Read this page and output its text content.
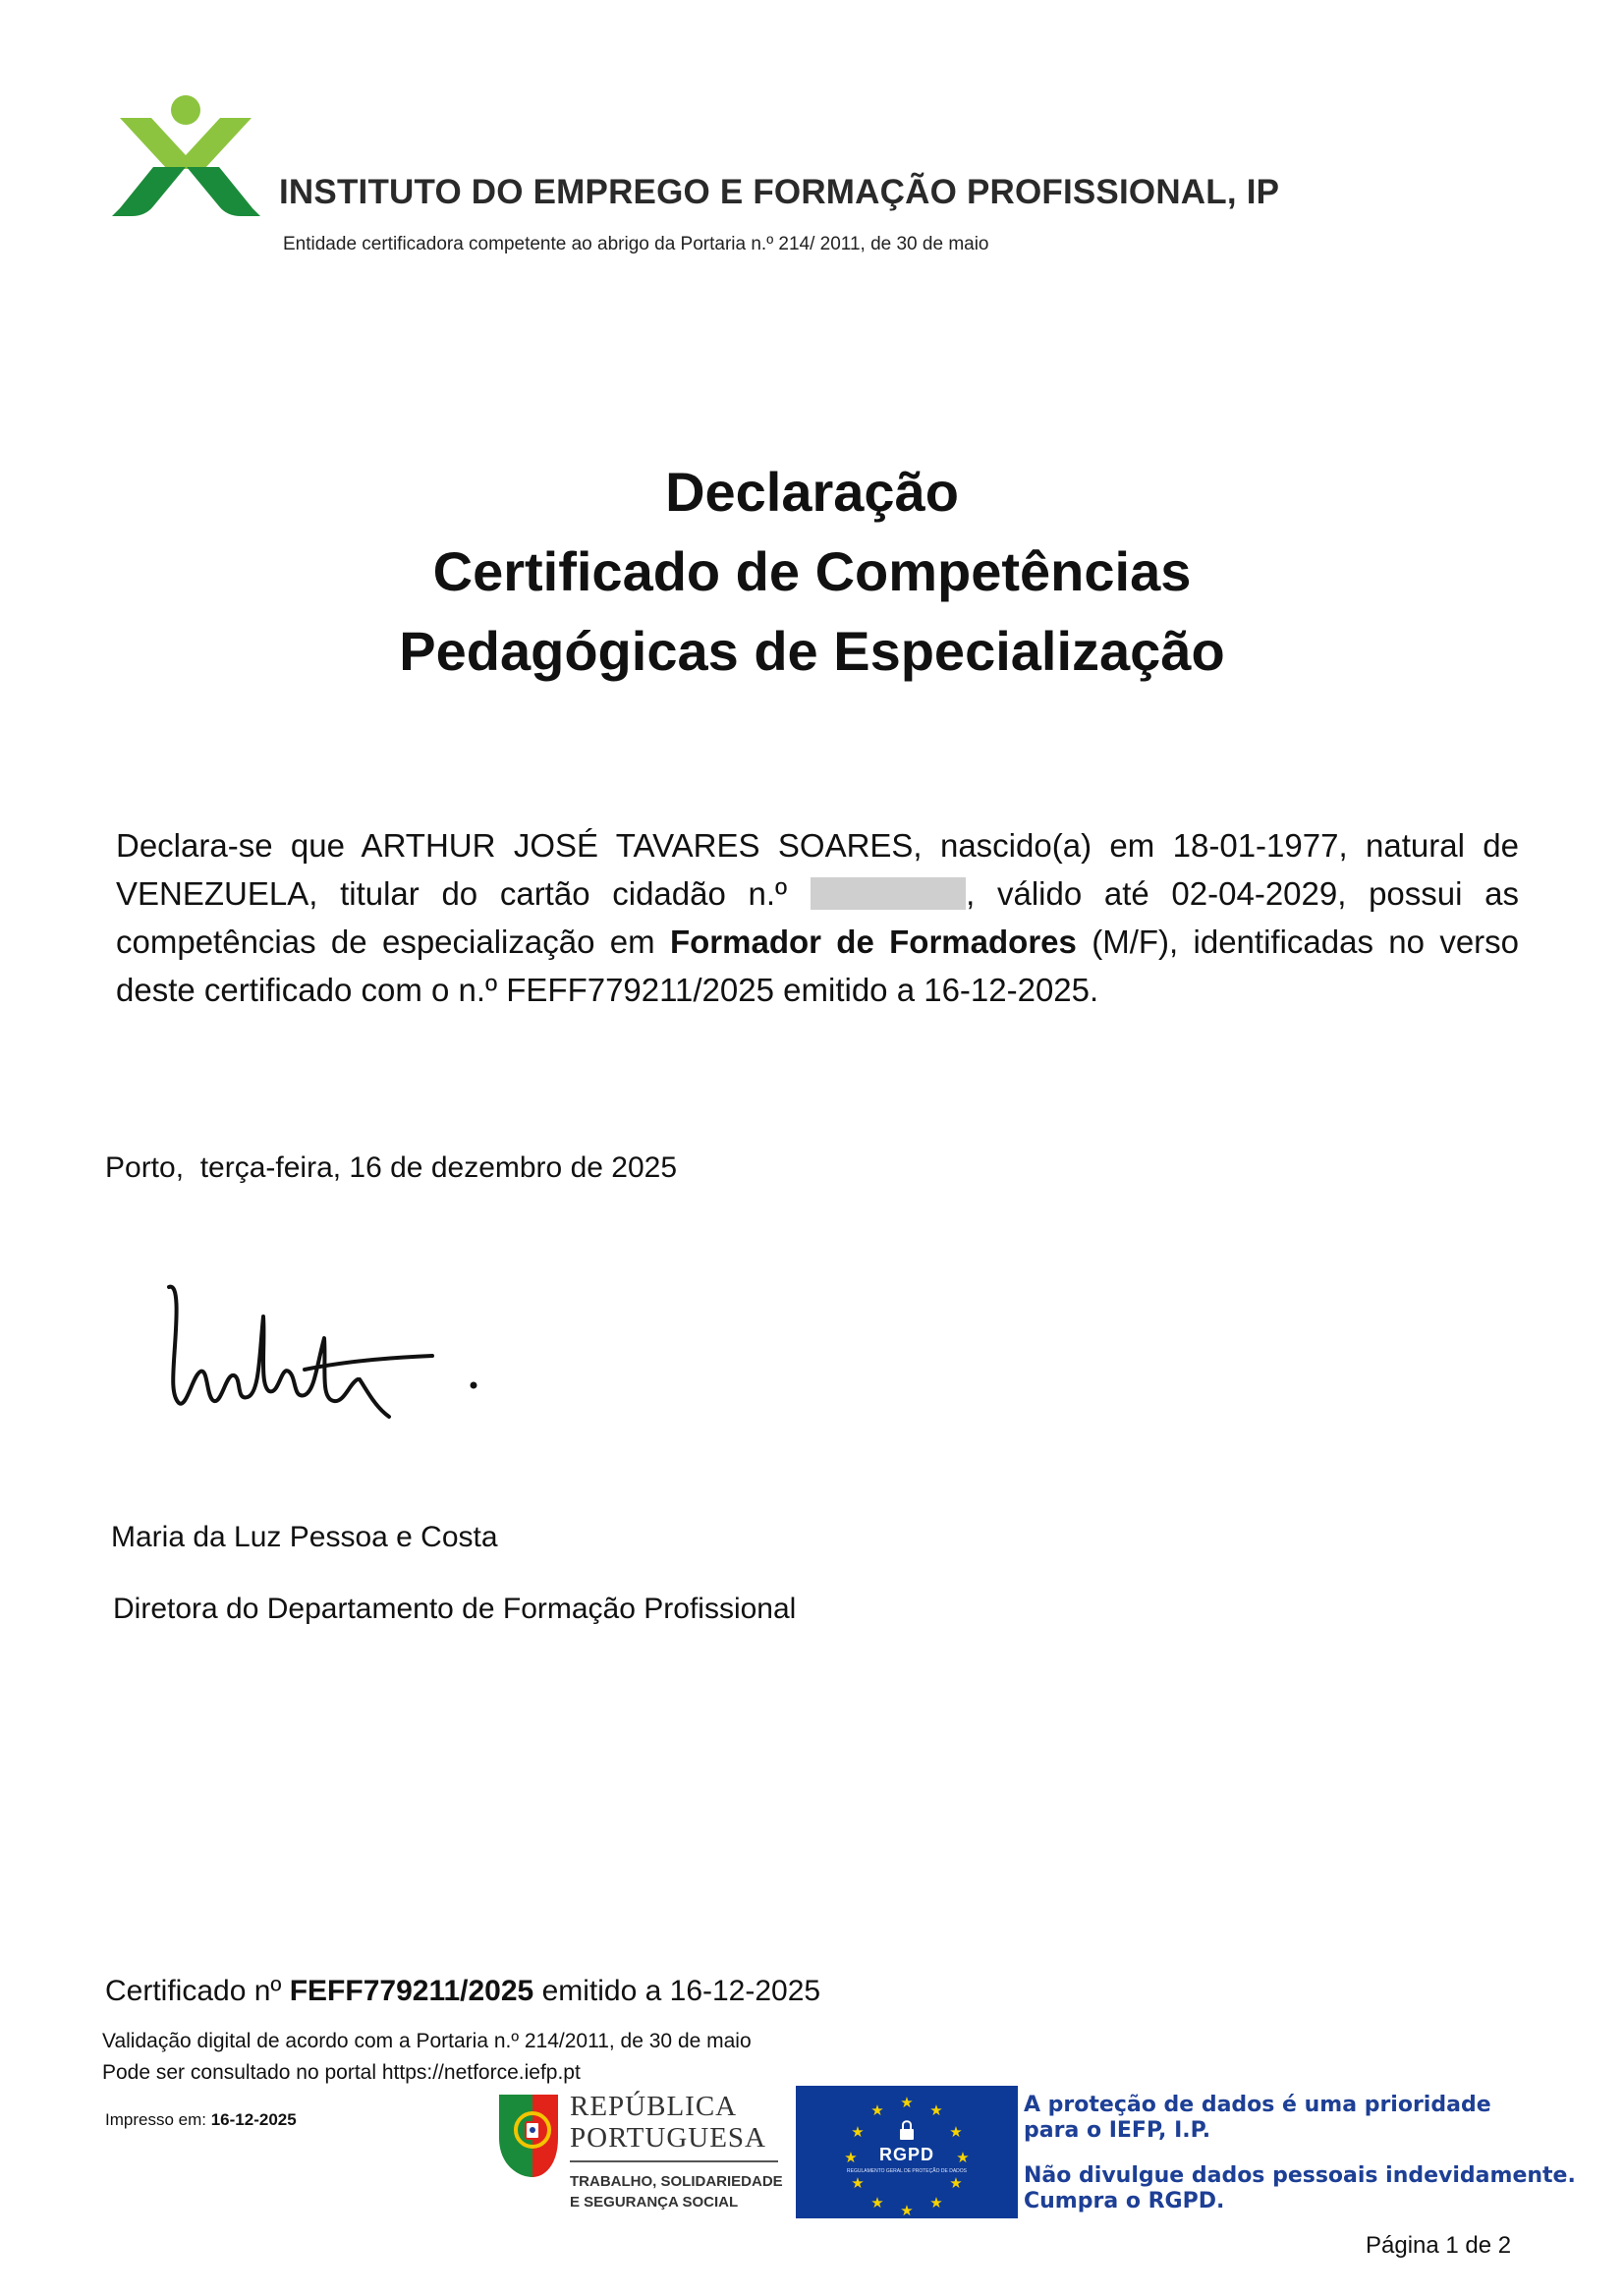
INSTITUTO DO EMPREGO E FORMAÇÃO PROFISSIONAL, IP
Entidade certificadora competente ao abrigo da Portaria n.º 214/ 2011, de 30 de maio
Declaração
Certificado de Competências
Pedagógicas de Especialização
Declara-se que ARTHUR JOSÉ TAVARES SOARES, nascido(a) em 18-01-1977, natural de VENEZUELA, titular do cartão cidadão n.º	, válido até 02-04-2029, possui as competências de especialização em Formador de Formadores (M/F), identificadas no verso deste certificado com o n.º FEFF779211/2025 emitido a 16-12-2025.
Porto,  terça-feira, 16 de dezembro de 2025
Maria da Luz Pessoa e Costa
Diretora do Departamento de Formação Profissional
Certificado nº FEFF779211/2025 emitido a 16-12-2025
Validação digital de acordo com a Portaria n.º 214/2011, de 30 de maio
Pode ser consultado no portal https://netforce.iefp.pt
Impresso em: 16-12-2025	REPÚBLICA
PORTUGUESA
TRABALHO, SOLIDARIEDADE
E SEGURANÇA SOCIAL
★ ★
★
★
★
★
★
★
★
★
★
★
RGPD
REGULAMENTO GERAL DE PROTEÇÃO DE DADOS
A proteção de dados é uma prioridade
para o IEFP, I.P.
Não divulgue dados pessoais indevidamente.
Cumpra o RGPD.
Página 1 de 2
